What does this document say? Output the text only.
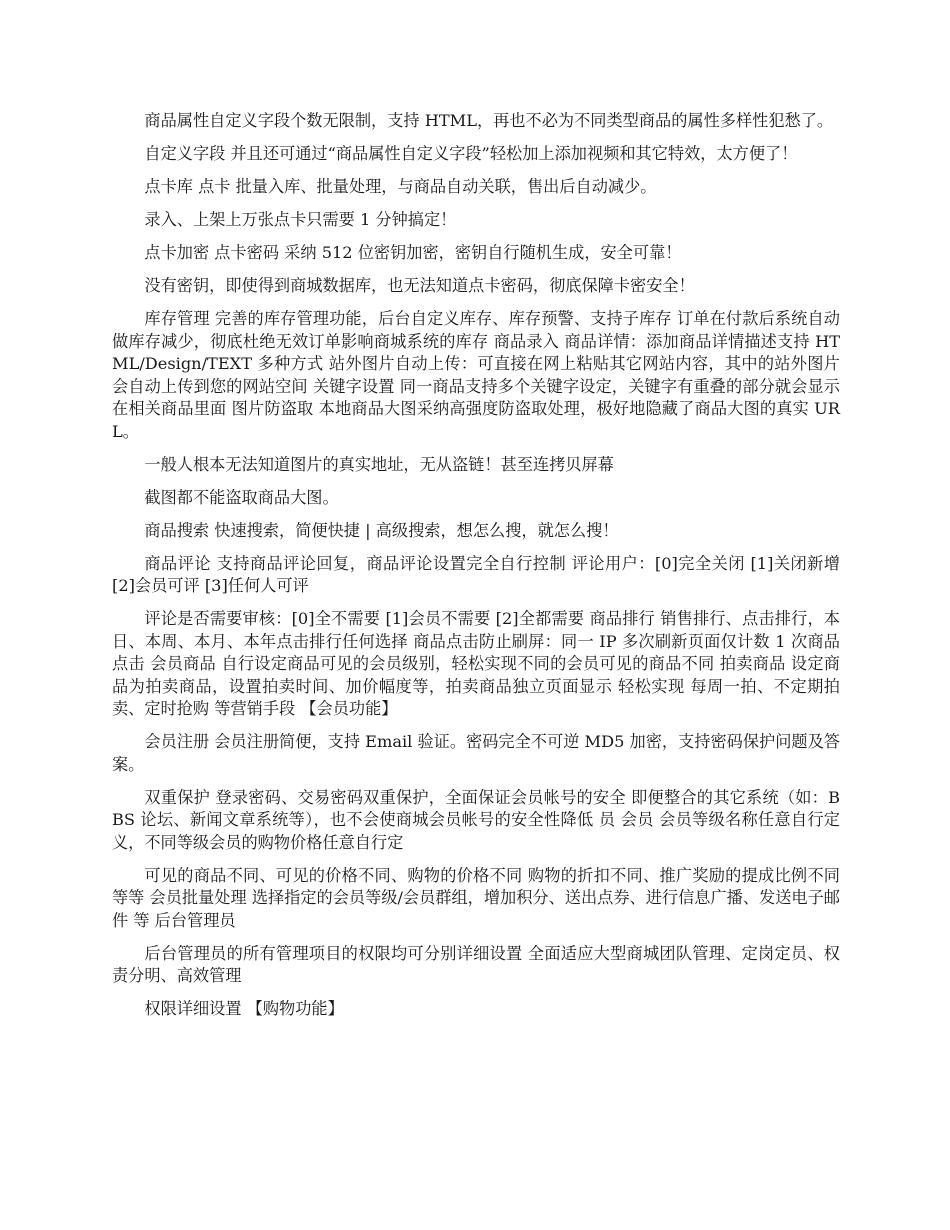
商品属性自定义字段个数无限制，支持 HTML，再也不必为不同类型商品的属性多样性犯愁了。

自定义字段 并且还可通过“商品属性自定义字段”轻松加上添加视频和其它特效，太方便了！

点卡库 点卡 批量入库、批量处理，与商品自动关联，售出后自动减少。

录入、上架上万张点卡只需要 1 分钟搞定！

点卡加密 点卡密码 采纳 512 位密钥加密，密钥自行随机生成，安全可靠！

没有密钥，即使得到商城数据库，也无法知道点卡密码，彻底保障卡密安全！

库存管理 完善的库存管理功能，后台自定义库存、库存预警、支持子库存 订单在付款后系统自动做库存减少，彻底杜绝无效订单影响商城系统的库存 商品录入 商品详情：添加商品详情描述支持 HTML/Design/TEXT 多种方式 站外图片自动上传：可直接在网上粘贴其它网站内容，其中的站外图片会自动上传到您的网站空间 关键字设置 同一商品支持多个关键字设定，关键字有重叠的部分就会显示在相关商品里面 图片防盗取 本地商品大图采纳高强度防盗取处理，极好地隐藏了商品大图的真实 URL。

一般人根本无法知道图片的真实地址，无从盗链！甚至连拷贝屏幕

截图都不能盗取商品大图。

商品搜索 快速搜索，简便快捷 | 高级搜索，想怎么搜，就怎么搜！

商品评论 支持商品评论回复，商品评论设置完全自行控制 评论用户：[0]完全关闭 [1]关闭新增 [2]会员可评 [3]任何人可评

评论是否需要审核：[0]全不需要 [1]会员不需要 [2]全都需要 商品排行 销售排行、点击排行，本日、本周、本月、本年点击排行任何选择 商品点击防止刷屏：同一 IP 多次刷新页面仅计数 1 次商品点击 会员商品 自行设定商品可见的会员级别，轻松实现不同的会员可见的商品不同 拍卖商品 设定商品为拍卖商品，设置拍卖时间、加价幅度等，拍卖商品独立页面显示 轻松实现 每周一拍、不定期拍卖、定时抢购 等营销手段 【会员功能】

会员注册 会员注册简便，支持 Email 验证。密码完全不可逆 MD5 加密，支持密码保护问题及答案。

双重保护 登录密码、交易密码双重保护，全面保证会员帐号的安全 即便整合的其它系统（如：BBS 论坛、新闻文章系统等），也不会使商城会员帐号的安全性降低 员 会员 会员等级名称任意自行定义，不同等级会员的购物价格任意自行定

可见的商品不同、可见的价格不同、购物的价格不同 购物的折扣不同、推广奖励的提成比例不同 等等 会员批量处理 选择指定的会员等级/会员群组，增加积分、送出点券、进行信息广播、发送电子邮件 等 后台管理员

后台管理员的所有管理项目的权限均可分别详细设置 全面适应大型商城团队管理、定岗定员、权责分明、高效管理

权限详细设置 【购物功能】
